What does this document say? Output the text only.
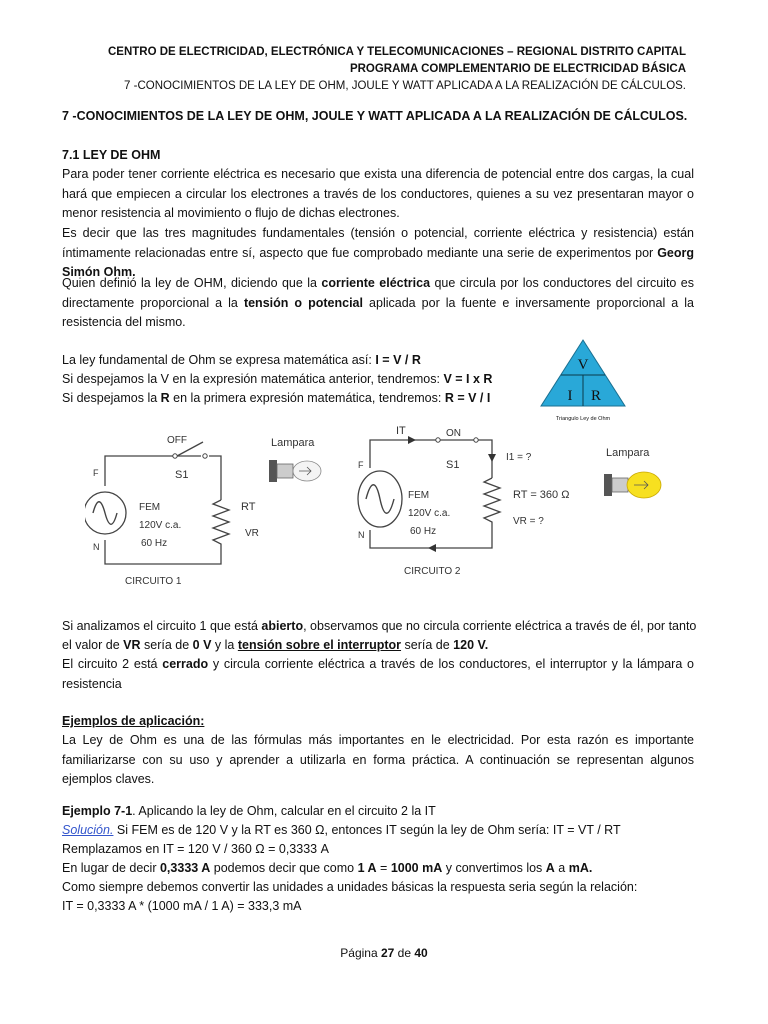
CENTRO DE ELECTRICIDAD, ELECTRÓNICA Y TELECOMUNICACIONES – REGIONAL DISTRITO CAPITAL
PROGRAMA COMPLEMENTARIO DE ELECTRICIDAD BÁSICA
7 -CONOCIMIENTOS DE LA LEY DE OHM, JOULE Y WATT APLICADA A LA REALIZACIÓN DE CÁLCULOS.
7 -CONOCIMIENTOS DE LA LEY DE OHM, JOULE Y WATT APLICADA A LA REALIZACIÓN DE CÁLCULOS.
7.1 LEY DE OHM
Para poder tener corriente eléctrica es necesario que exista una diferencia de potencial entre dos cargas, la cual hará que empiecen a circular los electrones a través de los conductores, quienes a su vez presentaran mayor o menor resistencia al movimiento o flujo de dichas electrones.
Es decir que las tres magnitudes fundamentales (tensión o potencial, corriente eléctrica y resistencia) están íntimamente relacionadas entre sí, aspecto que fue comprobado mediante una serie de experimentos por Georg Simón Ohm.
Quien definió la ley de OHM, diciendo que la corriente eléctrica que circula por los conductores del circuito es directamente proporcional a la tensión o potencial aplicada por la fuente e inversamente proporcional a la resistencia del mismo.
La ley fundamental de Ohm se expresa matemática así: I = V / R
Si despejamos la V en la expresión matemática anterior, tendremos: V = I x R
Si despejamos la R en la primera expresión matemática, tendremos: R = V / I
V
I R
Triangulo Ley de Ohm
OFF
S1
F
N
FEM
120V c.a.
60 Hz
RT
VR
Lampara
CIRCUITO 1
IT	ON
S1
F
N
FEM
120V c.a.
60 Hz
I1 = ?
RT = 360 Ω
VR = ?
Lampara
CIRCUITO 2
Si analizamos el circuito 1 que está abierto, observamos que no circula corriente eléctrica a través de él, por tanto
el valor de VR sería de 0 V y la tensión sobre el interruptor sería de 120 V.
El circuito 2 está cerrado y circula corriente eléctrica a través de los conductores, el interruptor y la lámpara o resistencia
Ejemplos de aplicación:
La Ley de Ohm es una de las fórmulas más importantes en le electricidad. Por esta razón es importante familiarizarse con su uso y aprender a utilizarla en forma práctica. A continuación se representan algunos ejemplos claves.
Ejemplo 7-1. Aplicando la ley de Ohm, calcular en el circuito 2 la IT
Solución. Si FEM es de 120 V y la RT es 360 Ω, entonces IT según la ley de Ohm sería: IT = VT / RT
Remplazamos en IT = 120 V / 360 Ω = 0,3333 A
En lugar de decir 0,3333 A podemos decir que como 1 A = 1000 mA y convertimos los A a mA.
Como siempre debemos convertir las unidades a unidades básicas la respuesta seria según la relación:
IT = 0,3333 A * (1000 mA / 1 A) = 333,3 mA
Página 27 de 40
